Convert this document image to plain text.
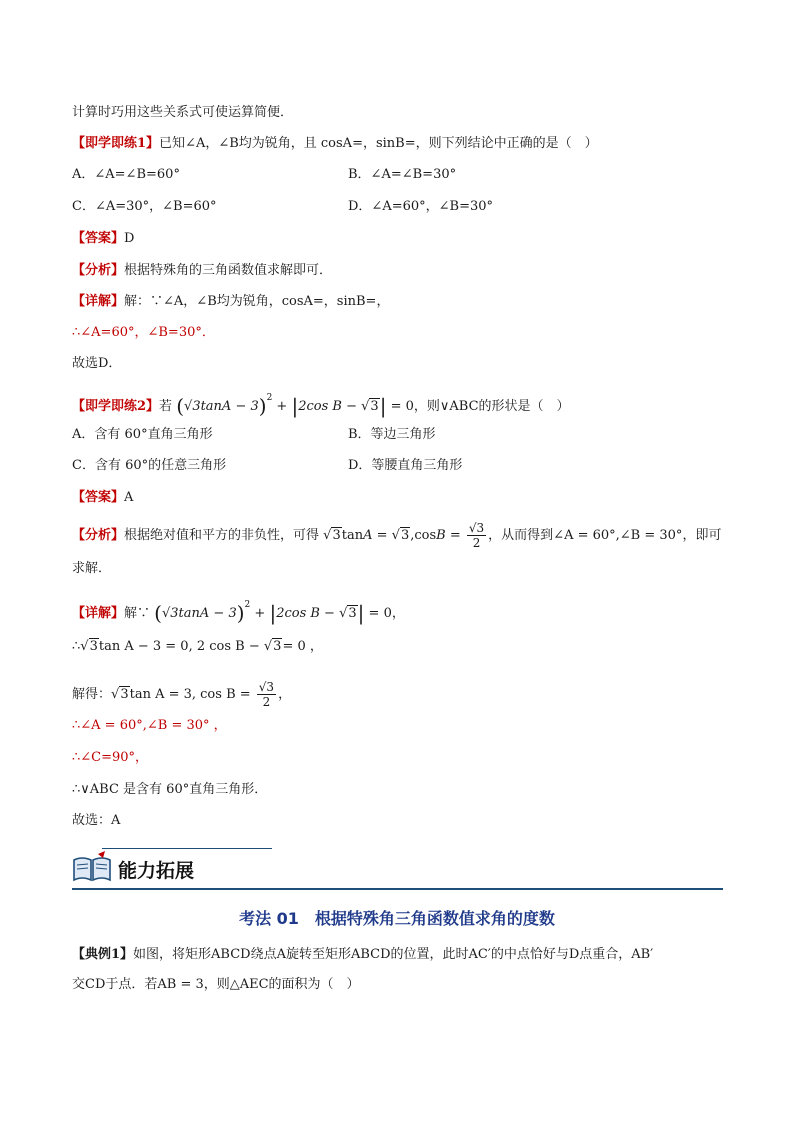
计算时巧用这些关系式可使运算简便．
【即学即练1】已知∠A，∠B均为锐角，且 cosA=，sinB=，则下列结论中正确的是（　）
A．∠A=∠B=60°	B．∠A=∠B=30°
C．∠A=30°，∠B=60°	D．∠A=60°，∠B=30°
【答案】D
【分析】根据特殊角的三角函数值求解即可．
【详解】解：∵∠A，∠B均为锐角，cosA=，sinB=，
∴∠A=60°，∠B=30°．
故选D．
【即学即练2】若 $(√3\tan A - 3)^2 + |2\cos$ B − √3| = 0，则∨ABC的形状是（　）
A．含有 60°直角三角形	B．等边三角形
C．含有 60°的任意三角形	D．等腰直角三角形
【答案】A
【分析】根据绝对值和平方的非负性，可得 $√3\tan A = √3,\cos B = \frac{√3}{2}$ ，从而得到∠A = 60°,∠B = 30°，即可
求解．
【详解】解∵ $(√3\tan A - 3)^2 + |2\cos$ B − √3| = 0，
∴√3tan A − 3 = 0, 2 cos B − √3= 0 ，
解得：√3tan A = 3, $\cos B = \frac{√3}{2}$ ，
∴∠A = 60°,∠B = 30° ，
∴∠C=90°，
∴∨ABC 是含有 60°直角三角形．
故选：A
能力拓展
考法 01　根据特殊角三角函数值求角的度数
【典例1】如图，将矩形ABCD绕点A旋转至矩形ABCD的位置，此时AC′的中点恰好与D点重合，AB′
交CD于点．若AB = 3，则△AEC的面积为（　）
